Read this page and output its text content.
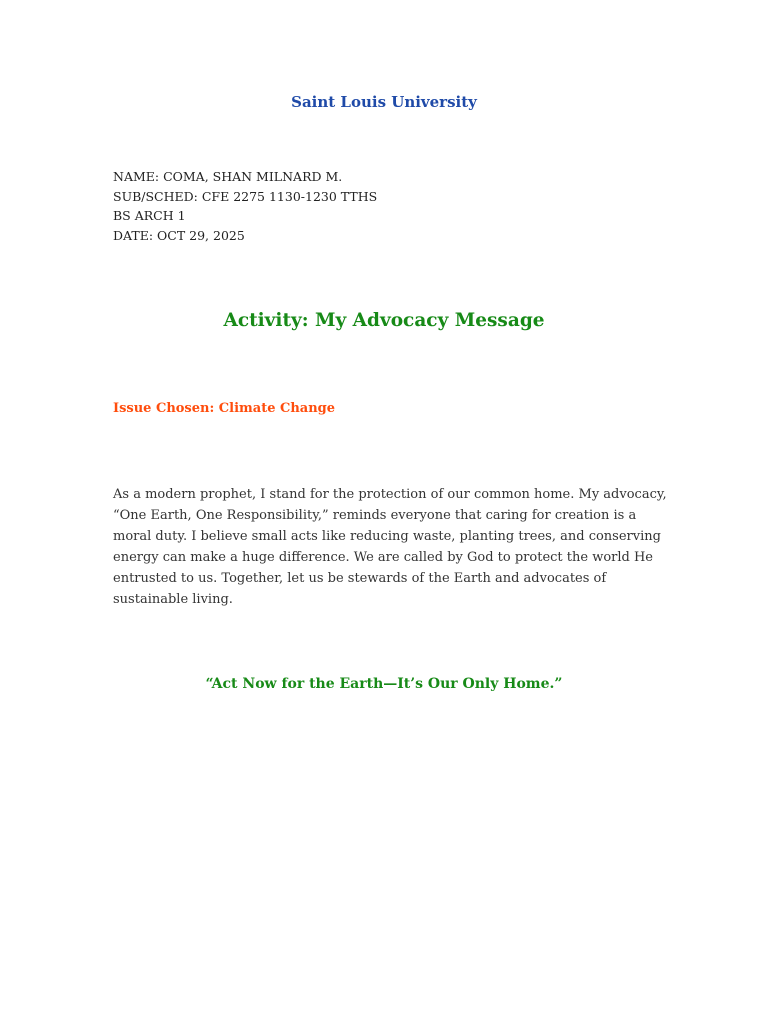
Saint Louis University
NAME: COMA, SHAN MILNARD M.
SUB/SCHED: CFE 2275 1130-1230 TTHS
BS ARCH 1
DATE: OCT 29, 2025
Activity: My Advocacy Message
Issue Chosen: Climate Change
As a modern prophet, I stand for the protection of our common home. My advocacy,
“One Earth, One Responsibility,” reminds everyone that caring for creation is a
moral duty. I believe small acts like reducing waste, planting trees, and conserving
energy can make a huge difference. We are called by God to protect the world He
entrusted to us. Together, let us be stewards of the Earth and advocates of
sustainable living.
“Act Now for the Earth—It’s Our Only Home.”
